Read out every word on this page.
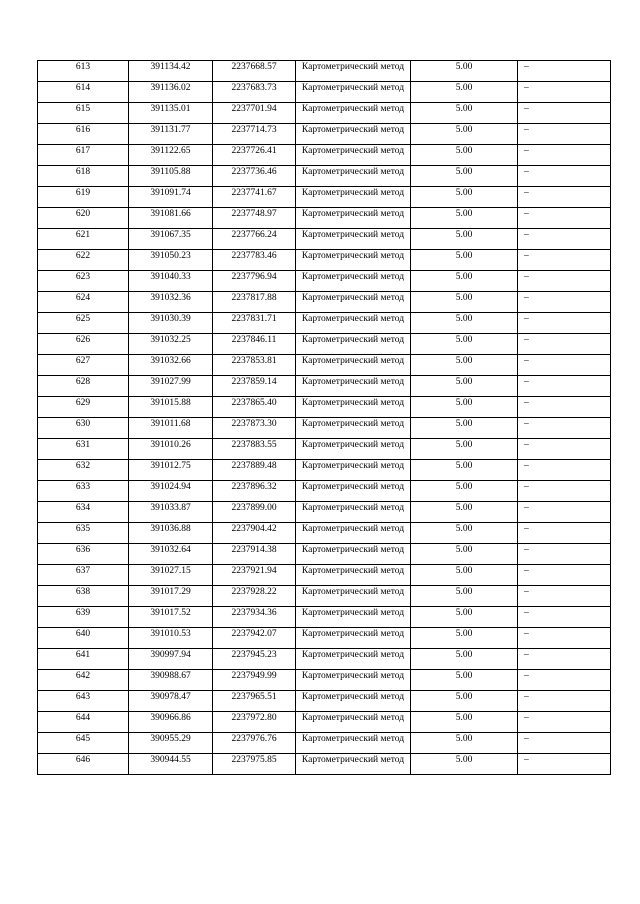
613	391134.42	2237668.57	Картометрический метод	5.00	–
614	391136.02	2237683.73	Картометрический метод	5.00	–
615	391135.01	2237701.94	Картометрический метод	5.00	–
616	391131.77	2237714.73	Картометрический метод	5.00	–
617	391122.65	2237726.41	Картометрический метод	5.00	–
618	391105.88	2237736.46	Картометрический метод	5.00	–
619	391091.74	2237741.67	Картометрический метод	5.00	–
620	391081.66	2237748.97	Картометрический метод	5.00	–
621	391067.35	2237766.24	Картометрический метод	5.00	–
622	391050.23	2237783.46	Картометрический метод	5.00	–
623	391040.33	2237796.94	Картометрический метод	5.00	–
624	391032.36	2237817.88	Картометрический метод	5.00	–
625	391030.39	2237831.71	Картометрический метод	5.00	–
626	391032.25	2237846.11	Картометрический метод	5.00	–
627	391032.66	2237853.81	Картометрический метод	5.00	–
628	391027.99	2237859.14	Картометрический метод	5.00	–
629	391015.88	2237865.40	Картометрический метод	5.00	–
630	391011.68	2237873.30	Картометрический метод	5.00	–
631	391010.26	2237883.55	Картометрический метод	5.00	–
632	391012.75	2237889.48	Картометрический метод	5.00	–
633	391024.94	2237896.32	Картометрический метод	5.00	–
634	391033.87	2237899.00	Картометрический метод	5.00	–
635	391036.88	2237904.42	Картометрический метод	5.00	–
636	391032.64	2237914.38	Картометрический метод	5.00	–
637	391027.15	2237921.94	Картометрический метод	5.00	–
638	391017.29	2237928.22	Картометрический метод	5.00	–
639	391017.52	2237934.36	Картометрический метод	5.00	–
640	391010.53	2237942.07	Картометрический метод	5.00	–
641	390997.94	2237945.23	Картометрический метод	5.00	–
642	390988.67	2237949.99	Картометрический метод	5.00	–
643	390978.47	2237965.51	Картометрический метод	5.00	–
644	390966.86	2237972.80	Картометрический метод	5.00	–
645	390955.29	2237976.76	Картометрический метод	5.00	–
646	390944.55	2237975.85	Картометрический метод	5.00	–
